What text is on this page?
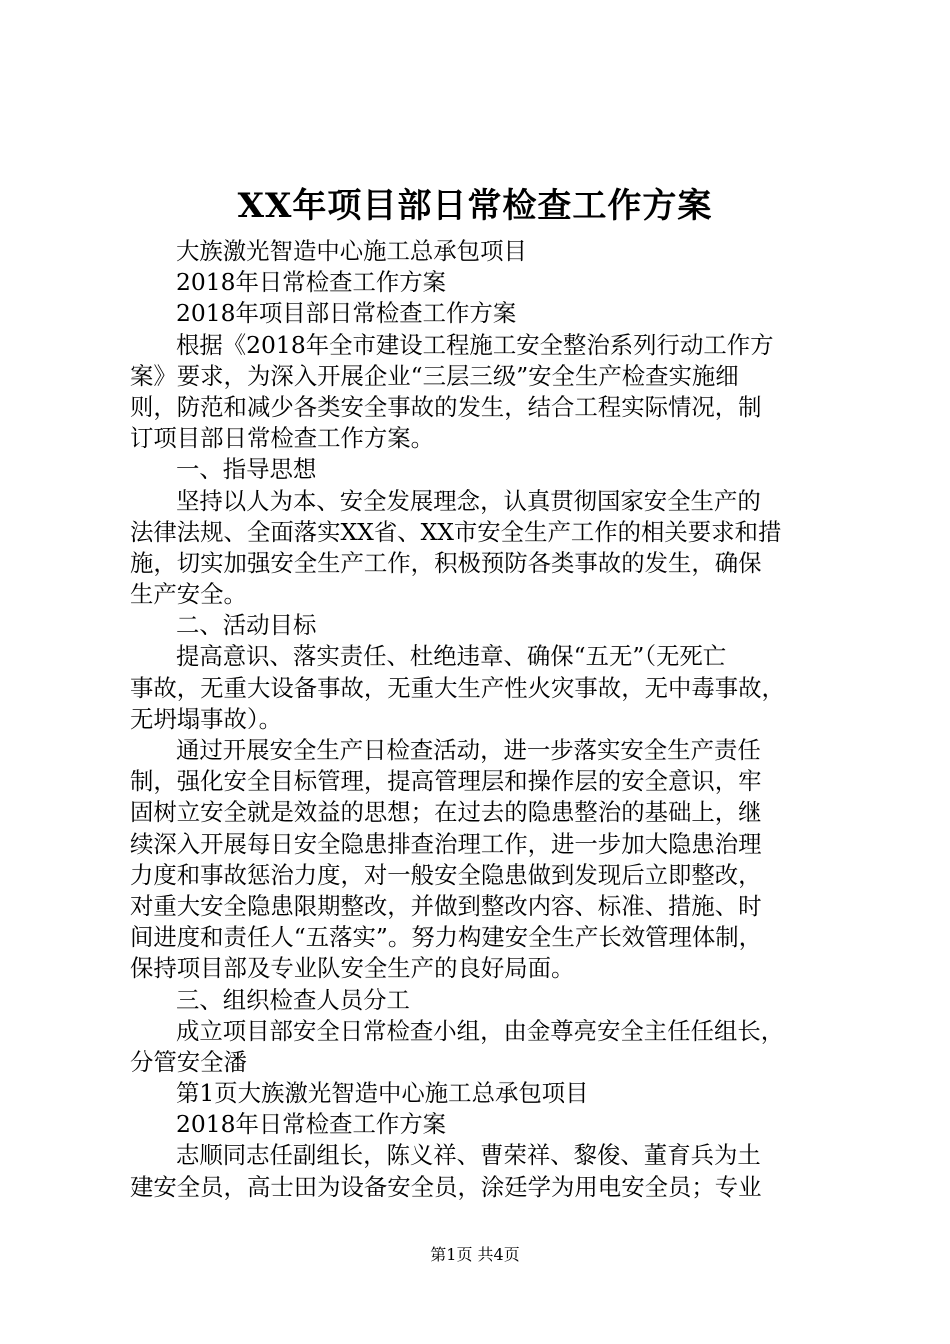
XX年项目部日常检查工作方案
大族激光智造中心施工总承包项目
2018年日常检查工作方案
2018年项目部日常检查工作方案
根据《2018年全市建设工程施工安全整治系列行动工作方
案》要求，为深入开展企业“三层三级”安全生产检查实施细
则，防范和减少各类安全事故的发生，结合工程实际情况，制
订项目部日常检查工作方案。
一、指导思想
坚持以人为本、安全发展理念，认真贯彻国家安全生产的
法律法规、全面落实XX省、XX市安全生产工作的相关要求和措
施，切实加强安全生产工作，积极预防各类事故的发生，确保
生产安全。
二、活动目标
提高意识、落实责任、杜绝违章、确保“五无”（无死亡
事故，无重大设备事故，无重大生产性火灾事故，无中毒事故，
无坍塌事故）。
通过开展安全生产日检查活动，进一步落实安全生产责任
制，强化安全目标管理，提高管理层和操作层的安全意识，牢
固树立安全就是效益的思想；在过去的隐患整治的基础上，继
续深入开展每日安全隐患排查治理工作，进一步加大隐患治理
力度和事故惩治力度，对一般安全隐患做到发现后立即整改，
对重大安全隐患限期整改，并做到整改内容、标准、措施、时
间进度和责任人“五落实”。努力构建安全生产长效管理体制，
保持项目部及专业队安全生产的良好局面。
三、组织检查人员分工
成立项目部安全日常检查小组，由金尊亮安全主任任组长，
分管安全潘
第1页大族激光智造中心施工总承包项目
2018年日常检查工作方案
志顺同志任副组长，陈义祥、曹荣祥、黎俊、董育兵为土
建安全员，高士田为设备安全员，涂廷学为用电安全员；专业
第1页 共4页
